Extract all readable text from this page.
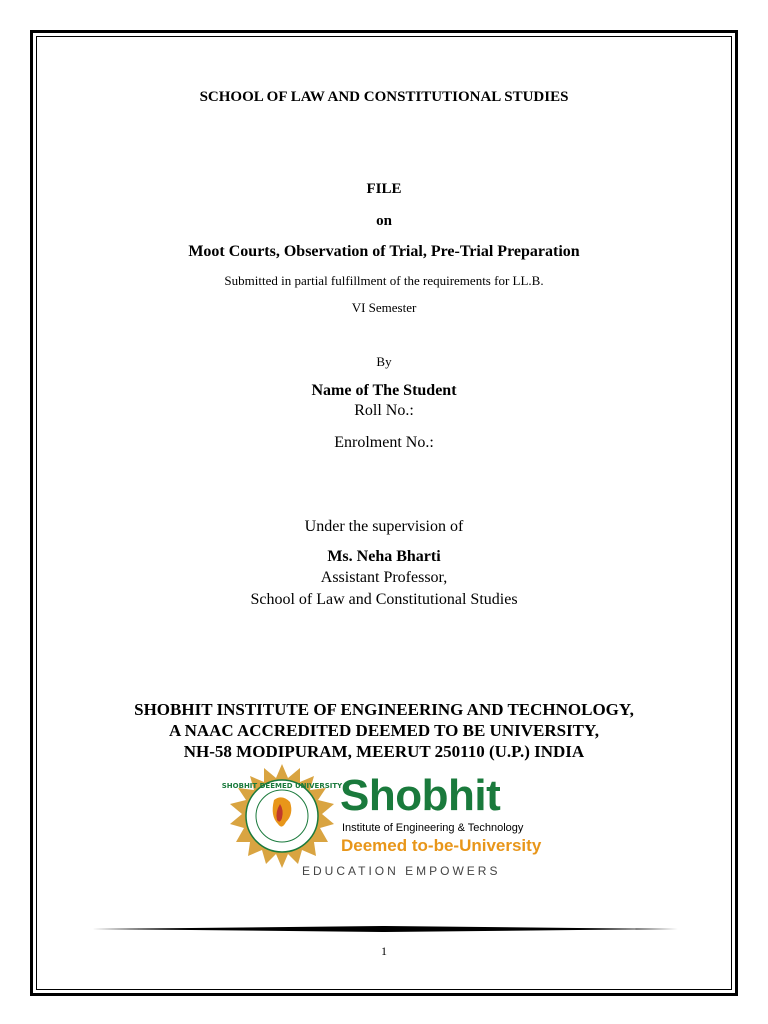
SCHOOL OF LAW AND CONSTITUTIONAL STUDIES
FILE
on
Moot Courts, Observation of Trial, Pre-Trial Preparation
Submitted in partial fulfillment of the requirements for LL.B.
VI Semester
By
Name of The Student
Roll No.:
Enrolment No.:
Under the supervision of
Ms. Neha Bharti
Assistant Professor,
School of Law and Constitutional Studies
SHOBHIT INSTITUTE OF ENGINEERING AND TECHNOLOGY,
A NAAC ACCREDITED DEEMED TO BE UNIVERSITY,
NH-58 MODIPURAM, MEERUT 250110 (U.P.) INDIA
SHOBHIT DEEMED UNIVERSITY
Shobhit
Institute of Engineering & Technology
Deemed to-be-University
EDUCATION EMPOWERS
1
